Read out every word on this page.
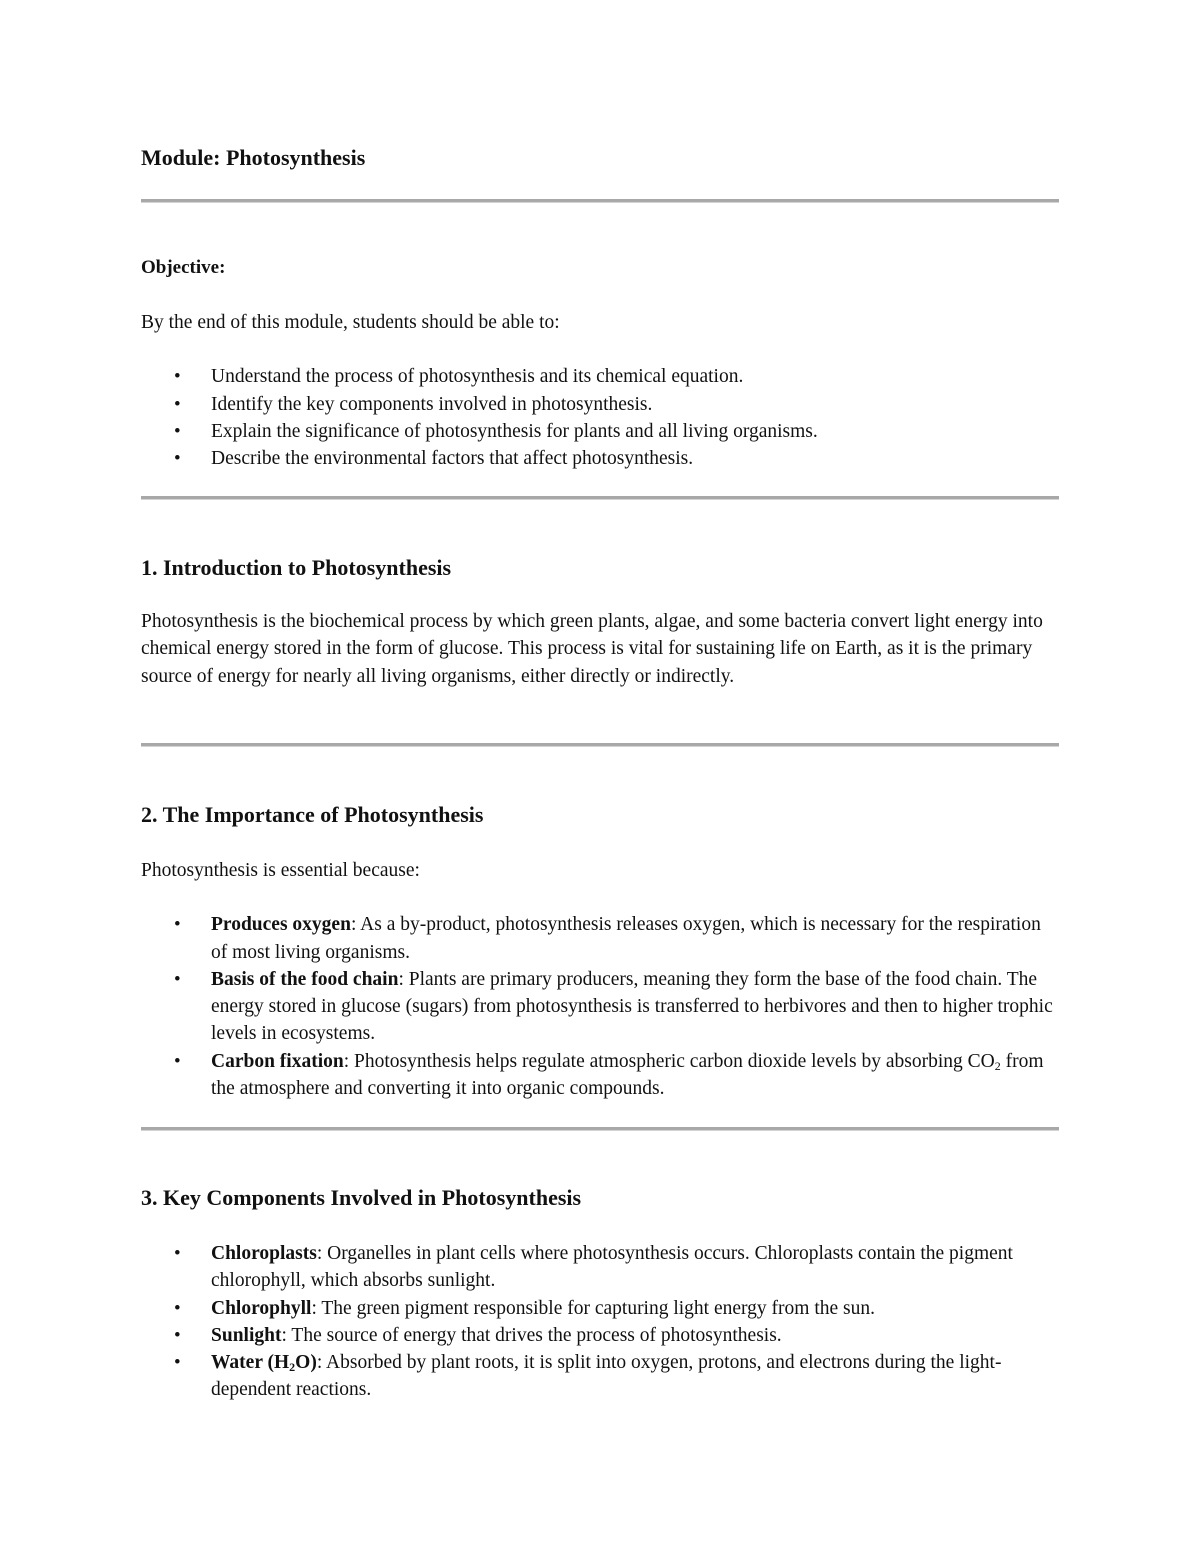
Module: Photosynthesis

Objective:

By the end of this module, students should be able to:

• Understand the process of photosynthesis and its chemical equation.
• Identify the key components involved in photosynthesis.
• Explain the significance of photosynthesis for plants and all living organisms.
• Describe the environmental factors that affect photosynthesis.
1. Introduction to Photosynthesis

Photosynthesis is the biochemical process by which green plants, algae, and some bacteria convert light energy into chemical energy stored in the form of glucose. This process is vital for sustaining life on Earth, as it is the primary source of energy for nearly all living organisms, either directly or indirectly.

2. The Importance of Photosynthesis

Photosynthesis is essential because:

• Produces oxygen: As a by-product, photosynthesis releases oxygen, which is necessary for the respiration of most living organisms.
• Basis of the food chain: Plants are primary producers, meaning they form the base of the food chain. The energy stored in glucose (sugars) from photosynthesis is transferred to herbivores and then to higher trophic levels in ecosystems.
• Carbon fixation: Photosynthesis helps regulate atmospheric carbon dioxide levels by absorbing $CO_2$ from the atmosphere and converting it into organic compounds.
3. Key Components Involved in Photosynthesis
• Chloroplasts: Organelles in plant cells where photosynthesis occurs. Chloroplasts contain the pigment chlorophyll, which absorbs sunlight.
• Chlorophyll: The green pigment responsible for capturing light energy from the sun.
• Sunlight: The source of energy that drives the process of photosynthesis.
• Water $(H_2O)$: Absorbed by plant roots, it is split into oxygen, protons, and electrons during the light-dependent reactions.
